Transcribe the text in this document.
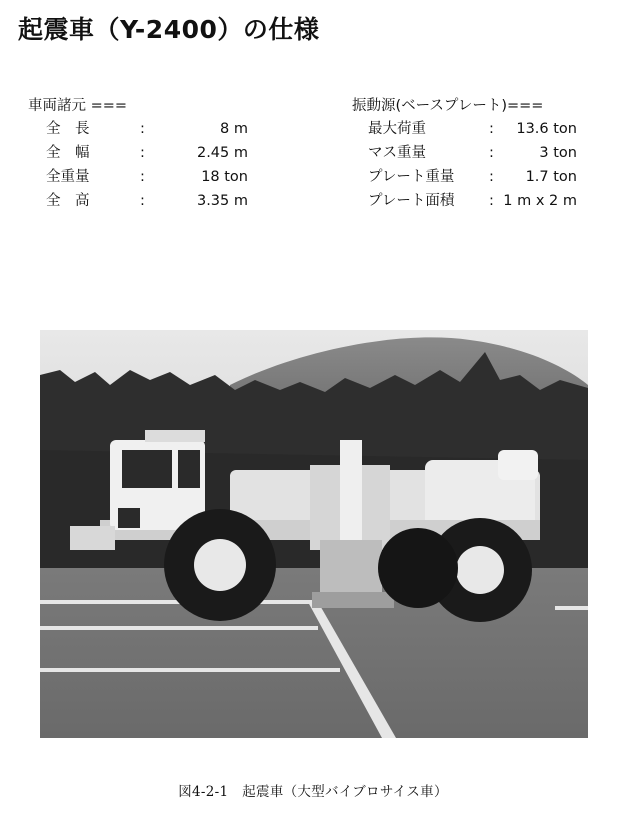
起震車（Y-2400）の仕様
車両諸元 ===
全　長	:	8 m
全　幅	:	2.45 m
全重量	:	18 ton
全　高	:	3.35 m
振動源(ベースプレート)===
最大荷重	: 13.6 ton
マス重量	:	3 ton
プレート重量 : 1.7 ton
プレート面積 : 1 m x 2 m
図4-2-1　起震車（大型バイブロサイス車）
